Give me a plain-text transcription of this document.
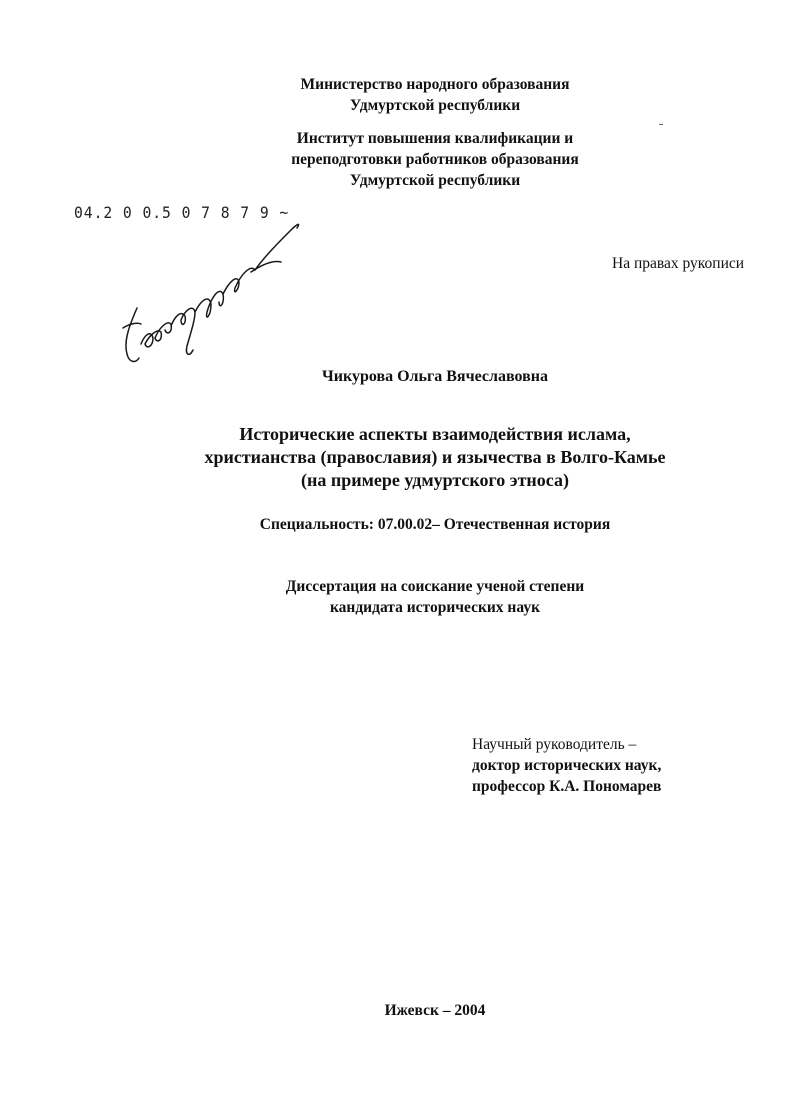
Министерство народного образования
Удмуртской республики
Институт повышения квалификации и
переподготовки работников образования
Удмуртской республики
04.2 0 0.5 0 7 8 7 9 ~
На правах рукописи
Чикурова Ольга Вячеславовна
Исторические аспекты взаимодействия ислама,
христианства (православия) и язычества в Волго-Камье
(на примере удмуртского этноса)
Специальность: 07.00.02– Отечественная история
Диссертация на соискание ученой степени
кандидата исторических наук
Научный руководитель –
доктор исторических наук,
профессор К.А. Пономарев
Ижевск – 2004
